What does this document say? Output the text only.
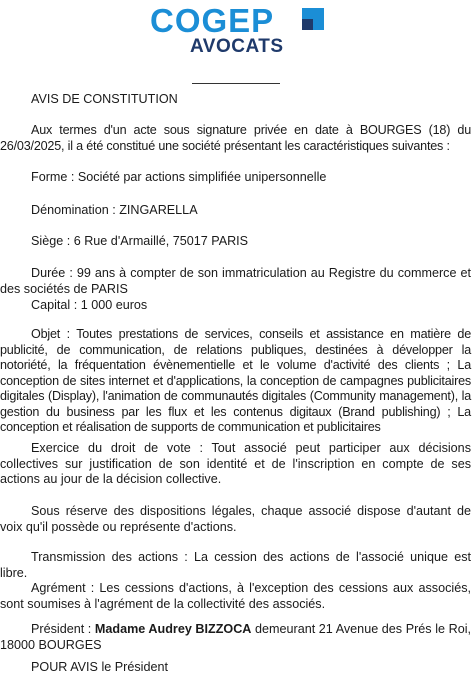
COGEP
AVOCATS
AVIS DE CONSTITUTION
Aux termes d'un acte sous signature privée en date à BOURGES (18) du 26/03/2025, il a été constitué une société présentant les caractéristiques suivantes :
Forme : Société par actions simplifiée unipersonnelle
Dénomination : ZINGARELLA
Siège : 6 Rue d'Armaillé, 75017 PARIS
Durée : 99 ans à compter de son immatriculation au Registre du commerce et des sociétés de PARIS
Capital : 1 000 euros
Objet : Toutes prestations de services, conseils et assistance en matière de publicité, de communication, de relations publiques, destinées à développer la notoriété, la fréquentation évènementielle et le volume d'activité des clients ; La conception de sites internet et d'applications, la conception de campagnes publicitaires digitales (Display), l'animation de communautés digitales (Community management), la gestion du business par les flux et les contenus digitaux (Brand publishing) ; La conception et réalisation de supports de communication et publicitaires
Exercice du droit de vote : Tout associé peut participer aux décisions collectives sur justification de son identité et de l'inscription en compte de ses actions au jour de la décision collective.
Sous réserve des dispositions légales, chaque associé dispose d'autant de voix qu'il possède ou représente d'actions.
Transmission des actions : La cession des actions de l'associé unique est libre.
Agrément : Les cessions d'actions, à l'exception des cessions aux associés, sont soumises à l'agrément de la collectivité des associés.
Président : Madame Audrey BIZZOCA demeurant 21 Avenue des Prés le Roi, 18000 BOURGES
POUR AVIS le Président
